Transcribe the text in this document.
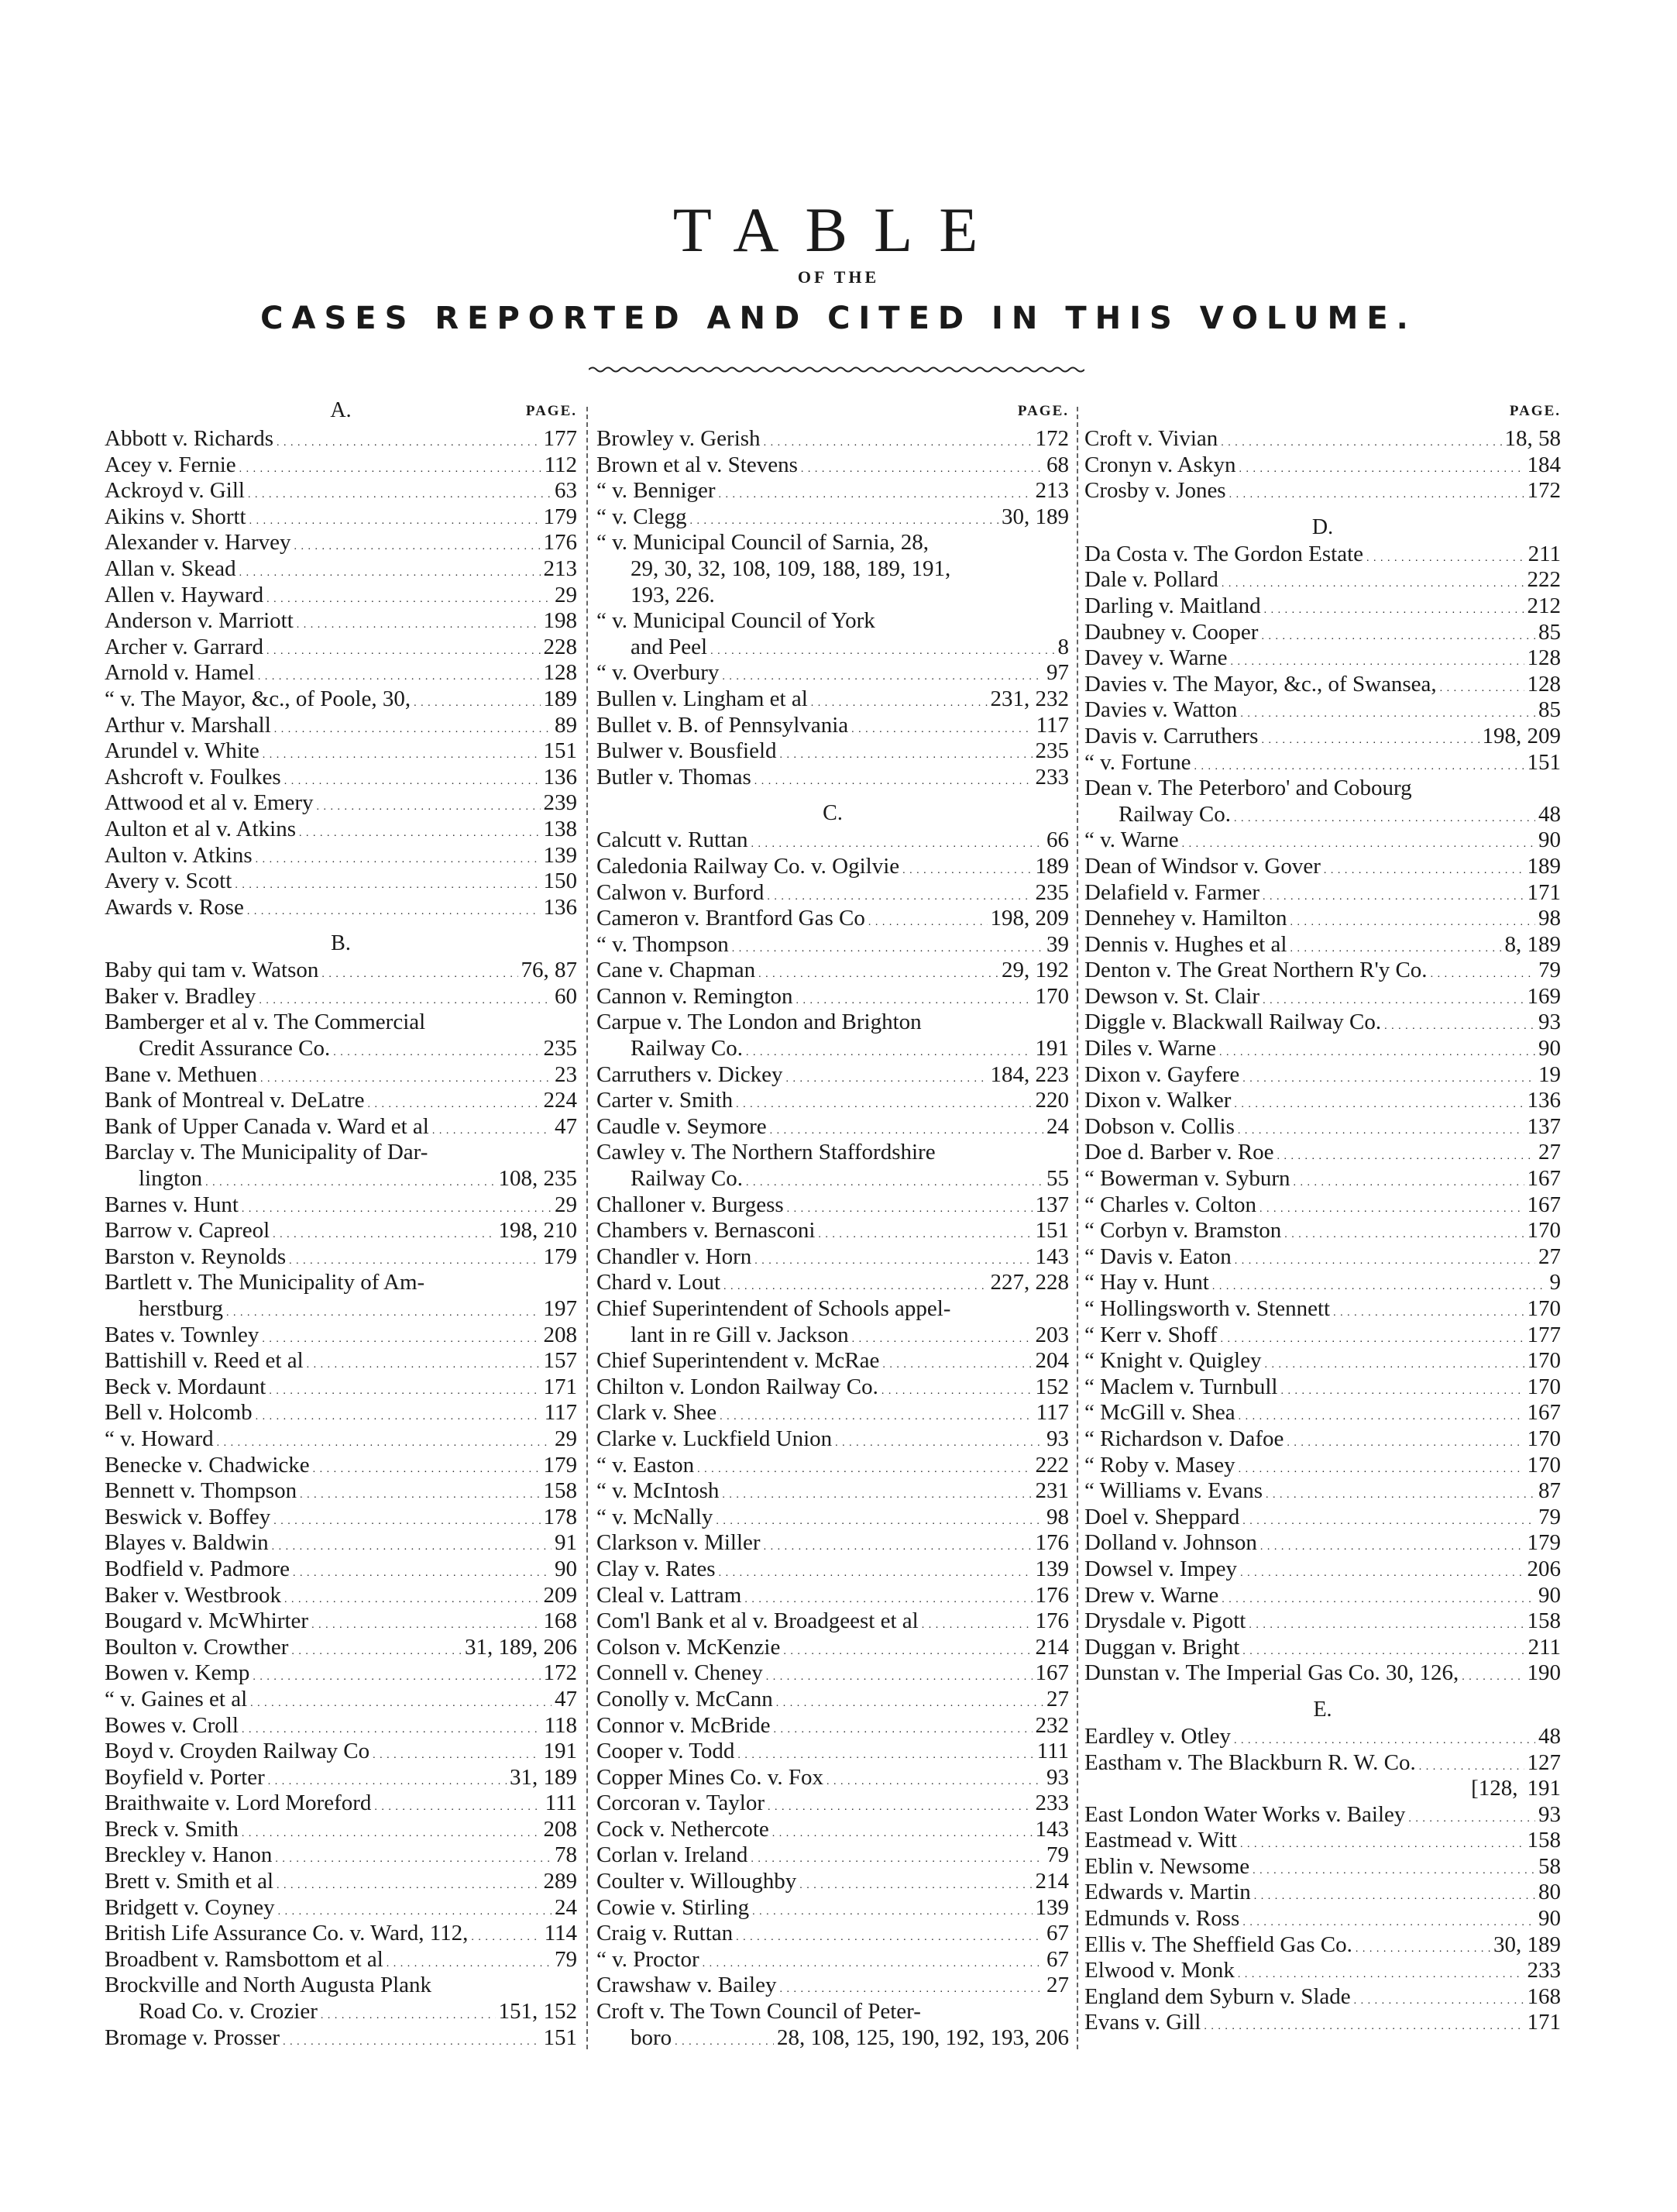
TABLE
OF THE
CASES REPORTED AND CITED IN THIS VOLUME.
A.	PAGE.
Abbott v. Richards . . .	177
Acey v. Fernie . . .	112
Ackroyd v. Gill . . .	63
Aikins v. Shortt . . .	179
Alexander v. Harvey . . .	176
Allan v. Skead . . .	213
Allen v. Hayward . . .	29
Anderson v. Marriott . . .	198
Archer v. Garrard . . .	228
Arnold v. Hamel . . .	128
“ v. The Mayor, &c., of Poole, 30, . . .	189
Arthur v. Marshall . . .	89
Arundel v. White . . .	151
Ashcroft v. Foulkes . . .	136
Attwood et al v. Emery . . .	239
Aulton et al v. Atkins . . .	138
Aulton v. Atkins . . .	139
Avery v. Scott . . .	150
Awards v. Rose . . .	136
B.
Baby qui tam v. Watson . . .	76, 87
Baker v. Bradley . . .	60
Bamberger et al v. The Commercial
Credit Assurance Co. . . .	235
Bane v. Methuen . . .	23
Bank of Montreal v. DeLatre . . .	224
Bank of Upper Canada v. Ward et al . . .	47
Barclay v. The Municipality of Dar-
lington . . .	108, 235
Barnes v. Hunt . . .	29
Barrow v. Capreol . . .	198, 210
Barston v. Reynolds . . .	179
Bartlett v. The Municipality of Am-
herstburg . . .	197
Bates v. Townley . . .	208
Battishill v. Reed et al . . .	157
Beck v. Mordaunt . . .	171
Bell v. Holcomb . . .	117
“ v. Howard . . .	29
Benecke v. Chadwicke . . .	179
Bennett v. Thompson . . .	158
Beswick v. Boffey . . .	178
Blayes v. Baldwin . . .	91
Bodfield v. Padmore . . .	90
Baker v. Westbrook . . .	209
Bougard v. McWhirter . . .	168
Boulton v. Crowther . . .	31, 189, 206
Bowen v. Kemp . . .	172
“ v. Gaines et al . . .	47
Bowes v. Croll . . .	118
Boyd v. Croyden Railway Co . . .	191
Boyfield v. Porter . . .	31, 189
Braithwaite v. Lord Moreford . . .	111
Breck v. Smith . . .	208
Breckley v. Hanon . . .	78
Brett v. Smith et al . . .	289
Bridgett v. Coyney . . .	24
British Life Assurance Co. v. Ward, 112, . . .	114
Broadbent v. Ramsbottom et al . . .	79
Brockville and North Augusta Plank
Road Co. v. Crozier . . .	151, 152
Bromage v. Prosser . . .	151
PAGE.
Browley v. Gerish . . .	172
Brown et al v. Stevens . . .	68
“ v. Benniger . . .	213
“ v. Clegg . . .	30, 189
“ v. Municipal Council of Sarnia, 28,
29, 30, 32, 108, 109, 188, 189, 191,
193, 226.
“ v. Municipal Council of York
and Peel . . .	8
“ v. Overbury . . .	97
Bullen v. Lingham et al . . .	231, 232
Bullet v. B. of Pennsylvania . . .	117
Bulwer v. Bousfield . . .	235
Butler v. Thomas . . .	233
C.
Calcutt v. Ruttan . . .	66
Caledonia Railway Co. v. Ogilvie . . .	189
Calwon v. Burford . . .	235
Cameron v. Brantford Gas Co . . .	198, 209
“ v. Thompson . . .	39
Cane v. Chapman . . .	29, 192
Cannon v. Remington . . .	170
Carpue v. The London and Brighton
Railway Co. . . .	191
Carruthers v. Dickey . . .	184, 223
Carter v. Smith . . .	220
Caudle v. Seymore . . .	24
Cawley v. The Northern Staffordshire
Railway Co. . . .	55
Challoner v. Burgess . . .	137
Chambers v. Bernasconi . . .	151
Chandler v. Horn . . .	143
Chard v. Lout . . .	227, 228
Chief Superintendent of Schools appel-
lant in re Gill v. Jackson . . .	203
Chief Superintendent v. McRae . . .	204
Chilton v. London Railway Co. . . .	152
Clark v. Shee . . .	117
Clarke v. Luckfield Union . . .	93
“ v. Easton . . .	222
“ v. McIntosh . . .	231
“ v. McNally . . .	98
Clarkson v. Miller . . .	176
Clay v. Rates . . .	139
Cleal v. Lattram . . .	176
Com'l Bank et al v. Broadgeest et al . . .	176
Colson v. McKenzie . . .	214
Connell v. Cheney . . .	167
Conolly v. McCann . . .	27
Connor v. McBride . . .	232
Cooper v. Todd . . .	111
Copper Mines Co. v. Fox . . .	93
Corcoran v. Taylor . . .	233
Cock v. Nethercote . . .	143
Corlan v. Ireland . . .	79
Coulter v. Willoughby . . .	214
Cowie v. Stirling . . .	139
Craig v. Ruttan . . .	67
“ v. Proctor . . .	67
Crawshaw v. Bailey . . .	27
Croft v. The Town Council of Peter-
boro . . .	28, 108, 125, 190, 192, 193, 206
PAGE.
Croft v. Vivian . . .	18, 58
Cronyn v. Askyn . . .	184
Crosby v. Jones . . .	172
D.
Da Costa v. The Gordon Estate . . .	211
Dale v. Pollard . . .	222
Darling v. Maitland . . .	212
Daubney v. Cooper . . .	85
Davey v. Warne . . .	128
Davies v. The Mayor, &c., of Swansea, . . .	128
Davies v. Watton . . .	85
Davis v. Carruthers . . .	198, 209
“ v. Fortune . . .	151
Dean v. The Peterboro' and Cobourg
Railway Co. . . .	48
“ v. Warne . . .	90
Dean of Windsor v. Gover . . .	189
Delafield v. Farmer . . .	171
Dennehey v. Hamilton . . .	98
Dennis v. Hughes et al . . .	8, 189
Denton v. The Great Northern R'y Co. . . .	79
Dewson v. St. Clair . . .	169
Diggle v. Blackwall Railway Co. . . .	93
Diles v. Warne . . .	90
Dixon v. Gayfere . . .	19
Dixon v. Walker . . .	136
Dobson v. Collis . . .	137
Doe d. Barber v. Roe . . .	27
“ Bowerman v. Syburn . . .	167
“ Charles v. Colton . . .	167
“ Corbyn v. Bramston . . .	170
“ Davis v. Eaton . . .	27
“ Hay v. Hunt . . .	9
“ Hollingsworth v. Stennett . . .	170
“ Kerr v. Shoff . . .	177
“ Knight v. Quigley . . .	170
“ Maclem v. Turnbull . . .	170
“ McGill v. Shea . . .	167
“ Richardson v. Dafoe . . .	170
“ Roby v. Masey . . .	170
“ Williams v. Evans . . .	87
Doel v. Sheppard . . .	79
Dolland v. Johnson . . .	179
Dowsel v. Impey . . .	206
Drew v. Warne . . .	90
Drysdale v. Pigott . . .	158
Duggan v. Bright . . .	211
Dunstan v. The Imperial Gas Co. 30, 126, . . .	190
E.
Eardley v. Otley . . .	48
Eastham v. The Blackburn R. W. Co. . . .	127
[128, 191
East London Water Works v. Bailey . . .	93
Eastmead v. Witt . . .	158
Eblin v. Newsome . . .	58
Edwards v. Martin . . .	80
Edmunds v. Ross . . .	90
Ellis v. The Sheffield Gas Co. . . .	30, 189
Elwood v. Monk . . .	233
England dem Syburn v. Slade . . .	168
Evans v. Gill . . .	171
